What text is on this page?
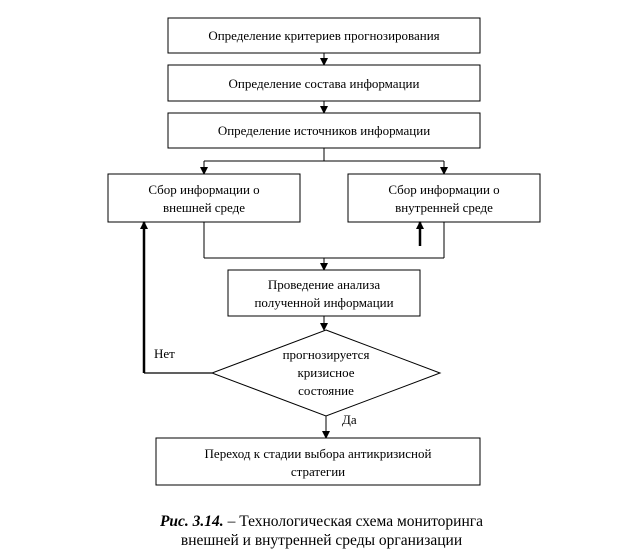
Определение критериев прогнозирования
Определение состава информации
Определение источников информации
Сбор информации о
внешней среде
Сбор информации о
внутренней среде
Проведение анализа
полученной информации
прогнозируется
кризисное
состояние
Нет
Да
Переход к стадии выбора антикризисной
стратегии
Рис. 3.14. – Технологическая схема мониторинга
внешней и внутренней среды организации
